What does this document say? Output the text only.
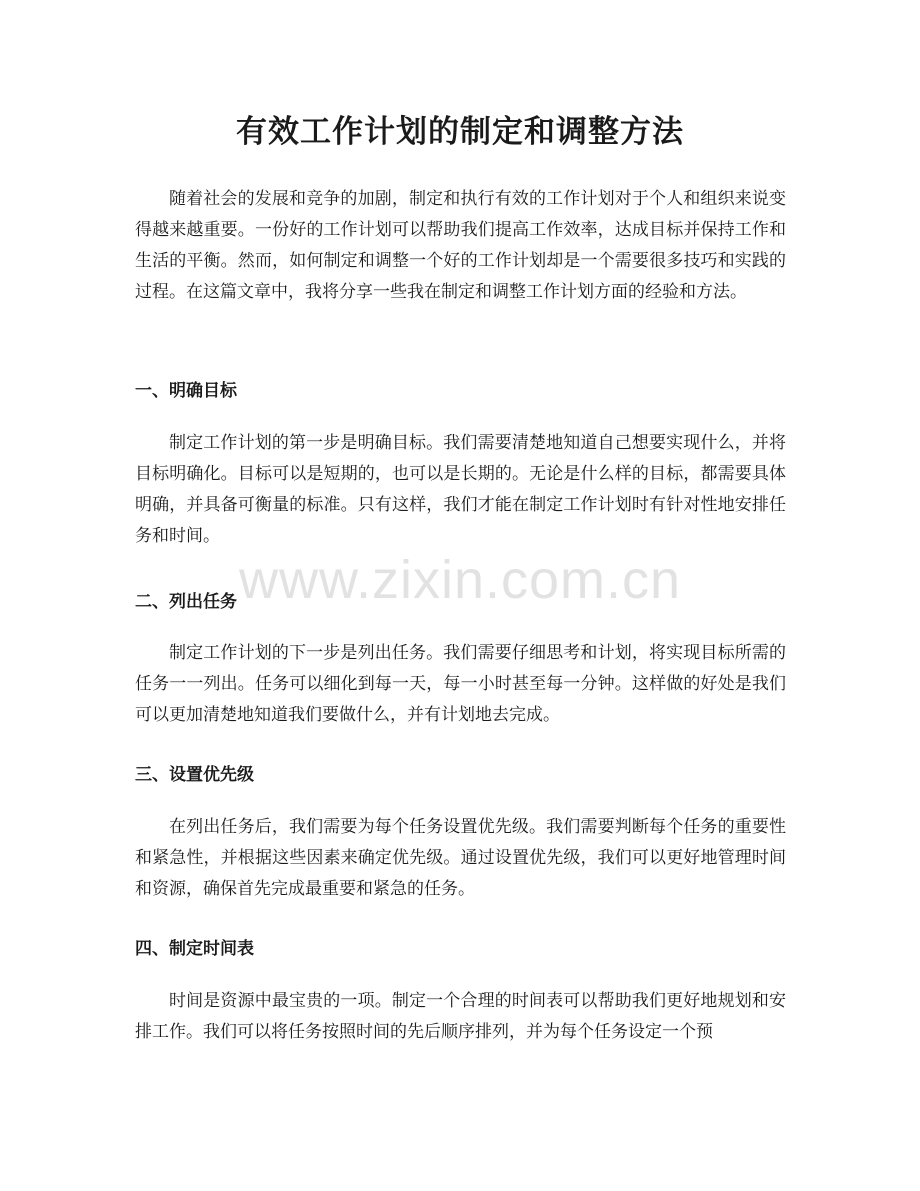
有效工作计划的制定和调整方法

随着社会的发展和竞争的加剧，制定和执行有效的工作计划对于个人和组织来说变得越来越重要。一份好的工作计划可以帮助我们提高工作效率，达成目标并保持工作和生活的平衡。然而，如何制定和调整一个好的工作计划却是一个需要很多技巧和实践的过程。在这篇文章中，我将分享一些我在制定和调整工作计划方面的经验和方法。

一、明确目标

制定工作计划的第一步是明确目标。我们需要清楚地知道自己想要实现什么，并将目标明确化。目标可以是短期的，也可以是长期的。无论是什么样的目标，都需要具体明确，并具备可衡量的标准。只有这样，我们才能在制定工作计划时有针对性地安排任务和时间。

二、列出任务

制定工作计划的下一步是列出任务。我们需要仔细思考和计划，将实现目标所需的任务一一列出。任务可以细化到每一天，每一小时甚至每一分钟。这样做的好处是我们可以更加清楚地知道我们要做什么，并有计划地去完成。

三、设置优先级

在列出任务后，我们需要为每个任务设置优先级。我们需要判断每个任务的重要性和紧急性，并根据这些因素来确定优先级。通过设置优先级，我们可以更好地管理时间和资源，确保首先完成最重要和紧急的任务。

四、制定时间表

时间是资源中最宝贵的一项。制定一个合理的时间表可以帮助我们更好地规划和安排工作。我们可以将任务按照时间的先后顺序排列，并为每个任务设定一个预

www.zixin.com.cn
